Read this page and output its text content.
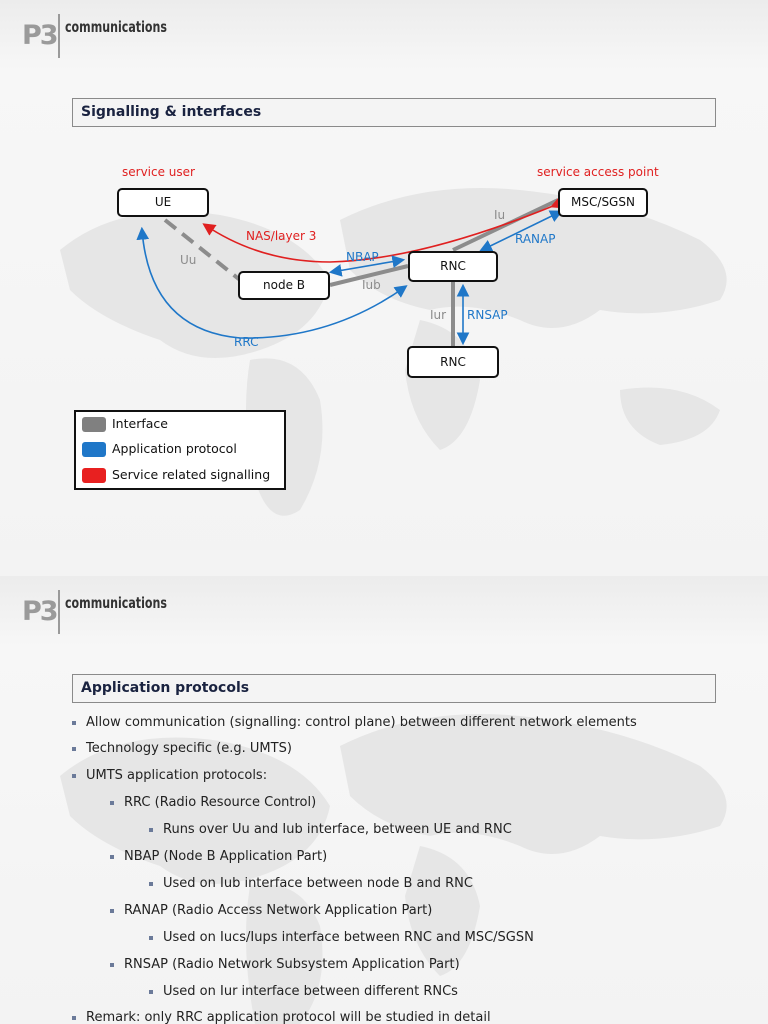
P3 communications
Signalling & interfaces
service user	service access point
NAS/layer 3
Uu	NBAP
Iub
Iu
RANAP
Iur RNSAP
RRC
UE	MSC/SGSN
RNC
node B
RNC
Interface
Application protocol
Service related signalling
P3 communications
Application protocols
Allow communication (signalling: control plane) between different network elements
Technology specific (e.g. UMTS)
UMTS application protocols:
RRC (Radio Resource Control)
Runs over Uu and Iub interface, between UE and RNC
NBAP (Node B Application Part)
Used on Iub interface between node B and RNC
RANAP (Radio Access Network Application Part)
Used on Iucs/Iups interface between RNC and MSC/SGSN
RNSAP (Radio Network Subsystem Application Part)
Used on Iur interface between different RNCs
Remark: only RRC application protocol will be studied in detail
